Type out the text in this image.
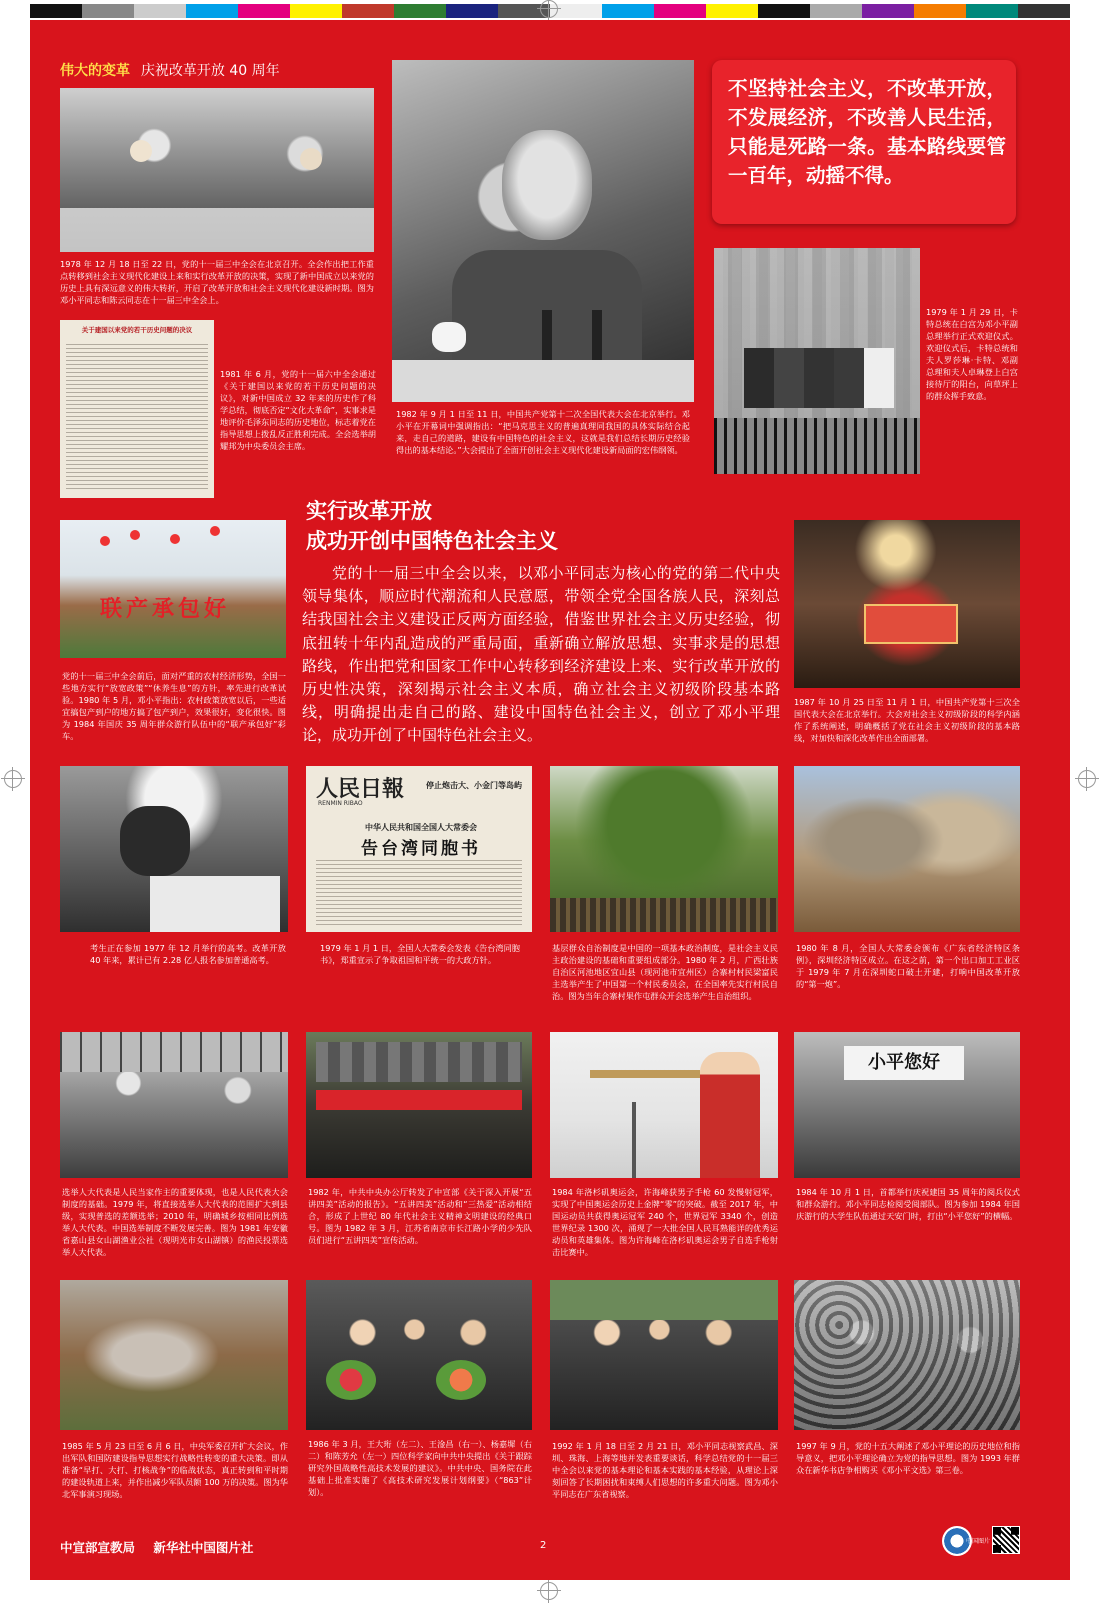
伟大的变革 庆祝改革开放 40 周年
1978 年 12 月 18 日至 22 日，党的十一届三中全会在北京召开。全会作出把工作重点转移到社会主义现代化建设上来和实行改革开放的决策，实现了新中国成立以来党的历史上具有深远意义的伟大转折，开启了改革开放和社会主义现代化建设新时期。图为邓小平同志和陈云同志在十一届三中全会上。
关于建国以来党的若干历史问题的决议
1981 年 6 月，党的十一届六中全会通过《关于建国以来党的若干历史问题的决议》，对新中国成立 32 年来的历史作了科学总结，彻底否定“文化大革命”，实事求是地评价毛泽东同志的历史地位，标志着党在指导思想上拨乱反正胜利完成。全会选举胡耀邦为中央委员会主席。
1982 年 9 月 1 日至 11 日，中国共产党第十二次全国代表大会在北京举行。邓小平在开幕词中强调指出：“把马克思主义的普遍真理同我国的具体实际结合起来，走自己的道路，建设有中国特色的社会主义，这就是我们总结长期历史经验得出的基本结论。”大会提出了全面开创社会主义现代化建设新局面的宏伟纲领。
不坚持社会主义，不改革开放，不发展经济，不改善人民生活，只能是死路一条。基本路线要管一百年，动摇不得。
1979 年 1 月 29 日，卡特总统在白宫为邓小平副总理举行正式欢迎仪式。欢迎仪式后，卡特总统和夫人罗莎琳·卡特、邓副总理和夫人卓琳登上白宫接待厅的阳台，向草坪上的群众挥手致意。
实行改革开放
成功开创中国特色社会主义
党的十一届三中全会以来，以邓小平同志为核心的党的第二代中央领导集体，顺应时代潮流和人民意愿，带领全党全国各族人民，深刻总结我国社会主义建设正反两方面经验，借鉴世界社会主义历史经验，彻底扭转十年内乱造成的严重局面，重新确立解放思想、实事求是的思想路线，作出把党和国家工作中心转移到经济建设上来、实行改革开放的历史性决策，深刻揭示社会主义本质，确立社会主义初级阶段基本路线，明确提出走自己的路、建设中国特色社会主义，创立了邓小平理论，成功开创了中国特色社会主义。
联产承包好
党的十一届三中全会前后，面对严重的农村经济形势，全国一些地方实行“放宽政策”“休养生息”的方针，率先进行改革试验。1980 年 5 月，邓小平指出：农村政策放宽以后，一些适宜搞包产到户的地方搞了包产到户，效果很好，变化很快。图为 1984 年国庆 35 周年群众游行队伍中的“联产承包好”彩车。
1987 年 10 月 25 日至 11 月 1 日，中国共产党第十三次全国代表大会在北京举行。大会对社会主义初级阶段的科学内涵作了系统阐述，明确概括了党在社会主义初级阶段的基本路线，对加快和深化改革作出全面部署。
考生正在参加 1977 年 12 月举行的高考。改革开放 40 年来，累计已有 2.28 亿人报名参加普通高考。
人民日報
RENMIN RIBAO
停止炮击大、小金门等岛屿
中华人民共和国全国人大常委会
告台湾同胞书
1979 年 1 月 1 日，全国人大常委会发表《告台湾同胞书》，郑重宣示了争取祖国和平统一的大政方针。
基层群众自治制度是中国的一项基本政治制度，是社会主义民主政治建设的基础和重要组成部分。1980 年 2 月，广西壮族自治区河池地区宜山县（现河池市宜州区）合寨村村民梁富民主选举产生了中国第一个村民委员会，在全国率先实行村民自治。图为当年合寨村果作屯群众开会选举产生自治组织。
1980 年 8 月，全国人大常委会颁布《广东省经济特区条例》，深圳经济特区成立。在这之前，第一个出口加工工业区于 1979 年 7 月在深圳蛇口破土开建，打响中国改革开放的“第一炮”。
选举人大代表是人民当家作主的重要体现，也是人民代表大会制度的基础。1979 年，将直接选举人大代表的范围扩大到县级，实现普选的差额选举；2010 年，明确城乡按相同比例选举人大代表。中国选举制度不断发展完善。图为 1981 年安徽省嘉山县女山湖渔业公社（现明光市女山湖镇）的渔民投票选举人大代表。
1982 年，中共中央办公厅转发了中宣部《关于深入开展“五讲四美”活动的报告》。“五讲四美”活动和“三热爱”活动相结合，形成了上世纪 80 年代社会主义精神文明建设的经典口号。图为 1982 年 3 月，江苏省南京市长江路小学的少先队员们进行“五讲四美”宣传活动。
1984 年洛杉矶奥运会，许海峰获男子手枪 60 发慢射冠军，实现了中国奥运会历史上金牌“零”的突破。截至 2017 年，中国运动员共获得奥运冠军 240 个，世界冠军 3340 个，创造世界纪录 1300 次，涌现了一大批全国人民耳熟能详的优秀运动员和英雄集体。图为许海峰在洛杉矶奥运会男子自选手枪射击比赛中。
小平您好
1984 年 10 月 1 日，首都举行庆祝建国 35 周年的阅兵仪式和群众游行。邓小平同志检阅受阅部队。图为参加 1984 年国庆游行的大学生队伍通过天安门时，打出“小平您好”的横幅。
1985 年 5 月 23 日至 6 月 6 日，中央军委召开扩大会议，作出军队和国防建设指导思想实行战略性转变的重大决策。即从准备“早打、大打、打核战争”的临战状态，真正转到和平时期的建设轨道上来，并作出减少军队员额 100 万的决策。图为华北军事演习现场。
1986 年 3 月，王大珩（左二）、王淦昌（右一）、杨嘉墀（右二）和陈芳允（左一）四位科学家向中共中央提出《关于跟踪研究外国战略性高技术发展的建议》。中共中央、国务院在此基础上批准实施了《高技术研究发展计划纲要》（“863”计划）。
1992 年 1 月 18 日至 2 月 21 日，邓小平同志视察武昌、深圳、珠海、上海等地并发表重要谈话，科学总结党的十一届三中全会以来党的基本理论和基本实践的基本经验，从理论上深刻回答了长期困扰和束缚人们思想的许多重大问题。图为邓小平同志在广东省视察。
1997 年 9 月，党的十五大阐述了邓小平理论的历史地位和指导意义，把邓小平理论确立为党的指导思想。图为 1993 年群众在新华书店争相购买《邓小平文选》第三卷。
中宣部宣教局 新华社中国图片社	2	中国图片
